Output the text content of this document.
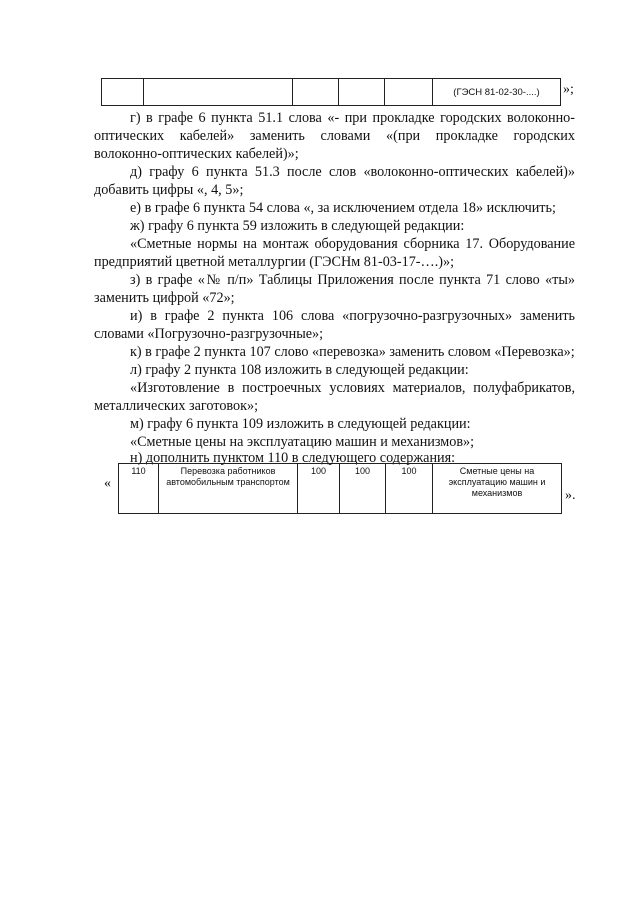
					(ГЭСН 81-02-30-....) »;
г) в графе 6 пункта 51.1 слова «- при прокладке городских волоконно-
оптических кабелей» заменить словами «(при прокладке городских
волоконно-оптических кабелей)»;
д) графу 6 пункта 51.3 после слов «волоконно-оптических кабелей)»
добавить цифры «, 4, 5»;
е) в графе 6 пункта 54 слова «, за исключением отдела 18» исключить;
ж) графу 6 пункта 59 изложить в следующей редакции:
«Сметные нормы на монтаж оборудования сборника 17. Оборудование
предприятий цветной металлургии (ГЭСНм 81-03-17-….)»;
з) в графе «№ п/п» Таблицы Приложения после пункта 71 слово «ты»
заменить цифрой «72»;
и) в графе 2 пункта 106 слова «погрузочно-разгрузочных» заменить
словами «Погрузочно-разгрузочные»;
к) в графе 2 пункта 107 слово «перевозка» заменить словом «Перевозка»;
л) графу 2 пункта 108 изложить в следующей редакции:
«Изготовление в построечных условиях материалов, полуфабрикатов,
металлических заготовок»;
м) графу 6 пункта 109 изложить в следующей редакции:
«Сметные цены на эксплуатацию машин и механизмов»;
н) дополнить пунктом 110 в следующего содержания:
«
110	Перевозка работников автомобильным транспортом	100	100	100	Сметные цены на эксплуатацию машин и механизмов	».
